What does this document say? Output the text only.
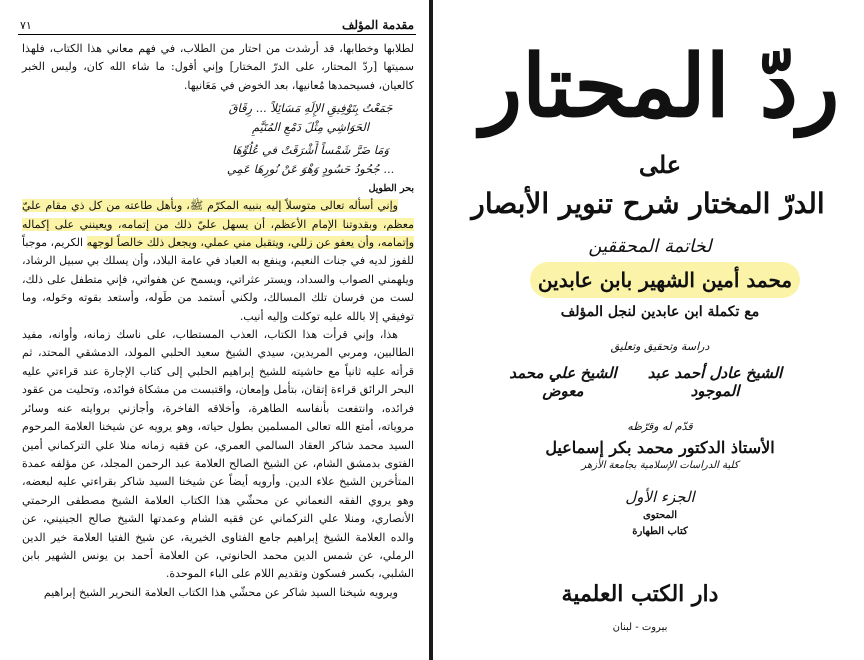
٧١	مقدمة المؤلف

لطلابها وخطابها، قد أرشدت من احتار من الطلاب، في فهم معاني هذا الكتاب، فلهذا سميتها [ردّ المحتار، على الدرّ المختار] وإني أقول: ما شاء الله كان، وليس الخبر كالعيان، فسيحمدها مُعانيها، بعد الخوض في مَعَانيها.

جَمَعْتُ بِتَوْفِيقِ الإِلَهِ مَسَائِلاً ... رِقَاقَ الحَوَاشِي مِثْلَ دَمْعِ المُتَيَّمِ
وَمَا ضَرَّ شَمْساً أَشْرَقَتْ في عُلُوِّهَا ... جُحُودُ حَسُودٍ وَهْوَ عَنْ نُورِهَا عَمِي
بحر الطويل

وإني أسأله تعالى متوسلاً إليه بنبيه المكرّم ﷺ، وبأهل طاعته من كل ذي مقام عليّ معظم، وبقدوتنا الإمام الأعظم، أن يسهل عليّ ذلك من إتمامه، ويعينني على إكماله وإتمامه، وأن يعفو عن زللي، ويتقبل مني عملي، ويجعل ذلك خالصاً لوجهه الكريم، موجباً للفوز لديه في جنات النعيم، وينفع به العباد في عامة البلاد، وأن يسلك بي سبيل الرشاد، ويلهمني الصواب والسداد، ويستر عثراتي، ويسمح عن هفواتي، فإني متطفل على ذلك، لست من فرسان تلك المسالك، ولكني أستمد من طَوله، وأستعد بقوته وحَوله، وما توفيقي إلا بالله عليه توكلت وإليه أنيب.

هذا، وإني قرأت هذا الكتاب، العذب المستطاب، على ناسك زمانه، وأوانه، مفيد الطالبين، ومربي المريدين، سيدي الشيخ سعيد الحلبي المولد، الدمشقي المحتد، ثم قرأته عليه ثانياً مع حاشيته للشيخ إبراهيم الحلبي إلى كتاب الإجارة عند قراءتي عليه البحر الرائق قراءة إتقان، بتأمل وإمعان، واقتبست من مشكاة فوائده، وتحليت من عقود فرائده، وانتفعت بأنفاسه الطاهرة، وأخلاقه الفاخرة، وأجازني بروايته عنه وسائر مروياته، أمتع الله تعالى المسلمين بطول حياته، وهو يرويه عن شيخنا العلامة المرحوم السيد محمد شاكر العقاد السالمي العمري، عن فقيه زمانه منلا علي التركماني أمين الفتوى بدمشق الشام، عن الشيخ الصالح العلامة عبد الرحمن المجلد، عن مؤلفه عمدة المتأخرين الشيخ علاء الدين. وأرويه أيضاً عن شيخنا السيد شاكر بقراءتي عليه لبعضه، وهو يروي الفقه النعماني عن محشّي هذا الكتاب العلامة الشيخ مصطفى الرحمتي الأنصاري، ومنلا علي التركماني عن فقيه الشام وعمدتها الشيخ صالح الجينيني، عن والده العلامة الشيخ إبراهيم جامع الفتاوى الخيرية، عن شيخ الفتيا العلامة خير الدين الرملي، عن شمس الدين محمد الحانوتي، عن العلامة أحمد بن يونس الشهير بابن الشلبي، بكسر فسكون وتقديم اللام على الباء الموحدة.

ويرويه شيخنا السيد شاكر عن محشّي هذا الكتاب العلامة النحرير الشيخ إبراهيم

ردّ المحتار
على
الدرّ المختار شرح تنوير الأبصار
لخاتمة المحققين
محمد أمين الشهير بابن عابدين
مع تكملة ابن عابدين لنجل المؤلف
دراسة وتحقيق وتعليق
الشيخ عادل أحمد عبد الموجود
الشيخ علي محمد معوض
قدّم له وقرّظه
الأستاذ الدكتور محمد بكر إسماعيل
كلية الدراسات الإسلامية بجامعة الأزهر
الجزء الأول
المحتوى
كتاب الطهارة
دار الكتب العلمية
بيروت - لبنان
